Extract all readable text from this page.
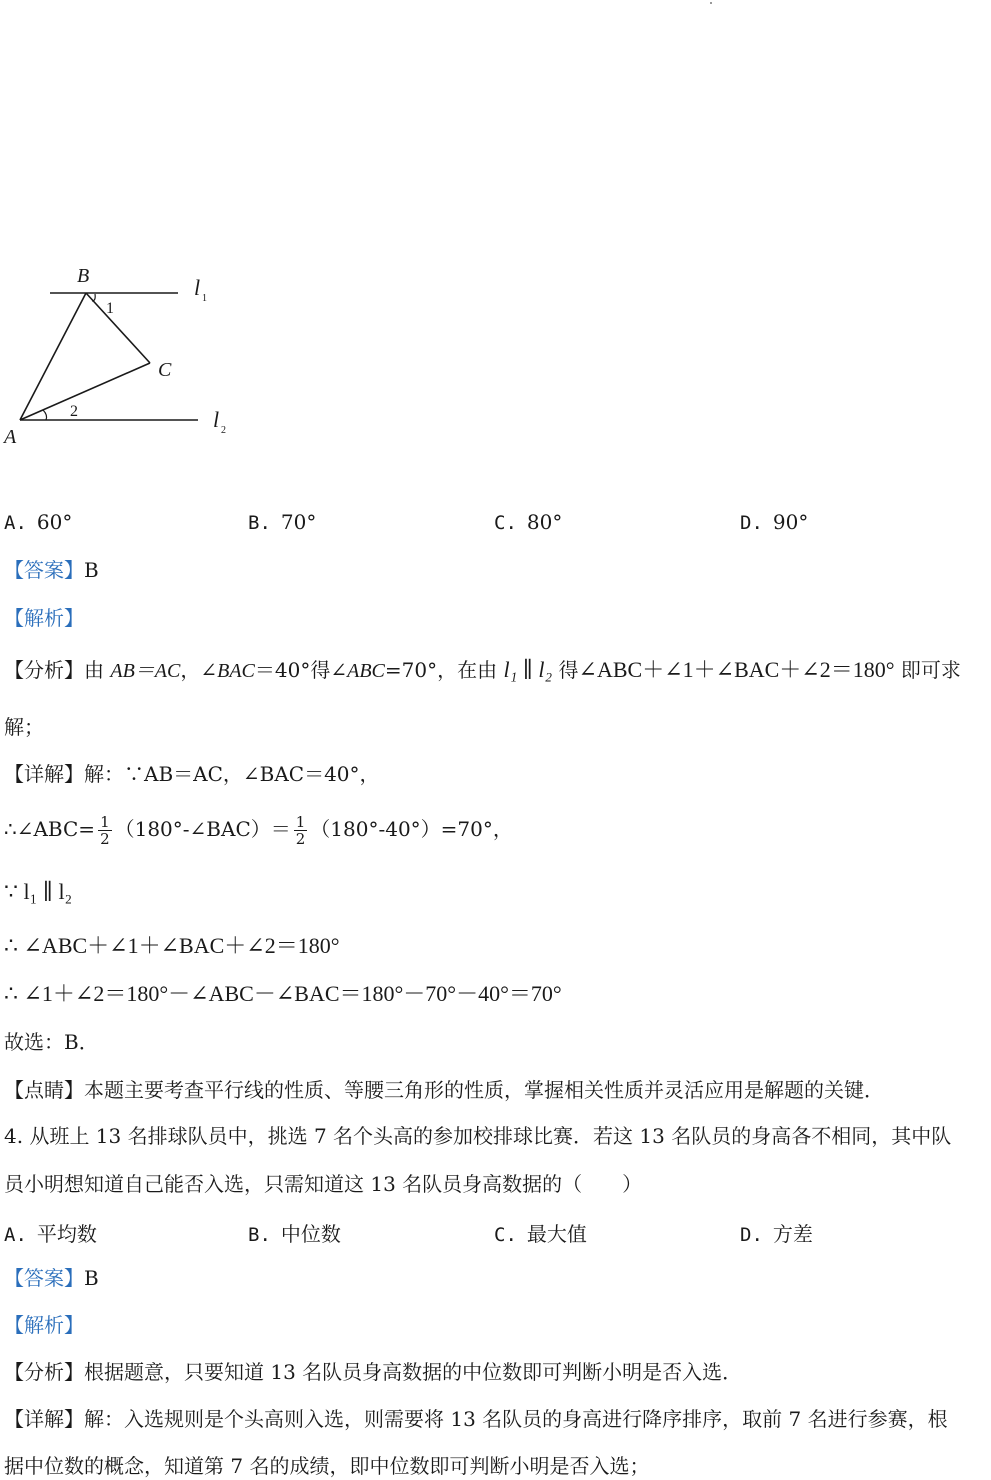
B
1
l 1
C
2	l 2
A
A. 60°	B. 70°	C. 80°	D. 90°
【答案】B
【解析】
【分析】由 AB＝AC，∠BAC＝40°得∠ABC=70°，在由 l₁ ∥ l₂ 得∠ABC＋∠1＋∠BAC＋∠2＝180° 即可求
解；
【详解】解：∵AB＝AC，∠BAC＝40°，
∴∠ABC= $\frac{1}{2}$ （180°-∠BAC）＝ $\frac{1}{2} (180^\circ-40^\circ)=70^\circ$，
∵ l₁ ∥ l₂
∴ ∠ABC＋∠1＋∠BAC＋∠2＝180°
∴ ∠1＋∠2＝180°－∠ABC－∠BAC＝180°－70°－40°＝70°
故选：B．
【点睛】本题主要考查平行线的性质、等腰三角形的性质，掌握相关性质并灵活应用是解题的关键．
4. 从班上 13 名排球队员中，挑选 7 名个头高的参加校排球比赛．若这 13 名队员的身高各不相同，其中队
员小明想知道自己能否入选，只需知道这 13 名队员身高数据的（　　）
A. 平均数	B. 中位数	C. 最大值	D. 方差
【答案】B
【解析】
【分析】根据题意，只要知道 13 名队员身高数据的中位数即可判断小明是否入选．
【详解】解：入选规则是个头高则入选，则需要将 13 名队员的身高进行降序排序，取前 7 名进行参赛，根
据中位数的概念，知道第 7 名的成绩，即中位数即可判断小明是否入选；
